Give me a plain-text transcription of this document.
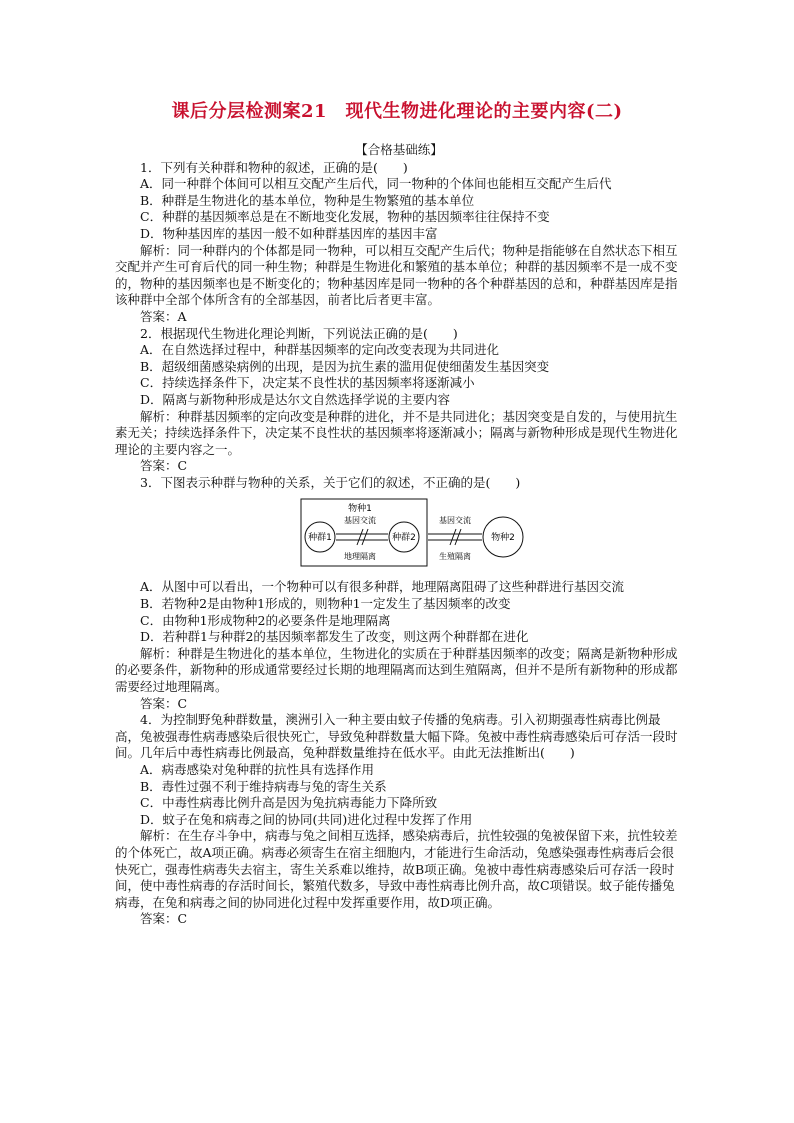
课后分层检测案21　现代生物进化理论的主要内容(二)
【合格基础练】

1．下列有关种群和物种的叙述，正确的是(　　)

A．同一种群个体间可以相互交配产生后代，同一物种的个体间也能相互交配产生后代

B．种群是生物进化的基本单位，物种是生物繁殖的基本单位

C．种群的基因频率总是在不断地变化发展，物种的基因频率往往保持不变

D．物种基因库的基因一般不如种群基因库的基因丰富

解析：同一种群内的个体都是同一物种，可以相互交配产生后代；物种是指能够在自然状态下相互交配并产生可育后代的同一种生物；种群是生物进化和繁殖的基本单位；种群的基因频率不是一成不变的，物种的基因频率也是不断变化的；物种基因库是同一物种的各个种群基因的总和，种群基因库是指该种群中全部个体所含有的全部基因，前者比后者更丰富。

答案：A

2．根据现代生物进化理论判断，下列说法正确的是(　　)

A．在自然选择过程中，种群基因频率的定向改变表现为共同进化

B．超级细菌感染病例的出现，是因为抗生素的滥用促使细菌发生基因突变

C．持续选择条件下，决定某不良性状的基因频率将逐渐减小

D．隔离与新物种形成是达尔文自然选择学说的主要内容

解析：种群基因频率的定向改变是种群的进化，并不是共同进化；基因突变是自发的，与使用抗生素无关；持续选择条件下，决定某不良性状的基因频率将逐渐减小；隔离与新物种形成是现代生物进化理论的主要内容之一。

答案：C

3．下图表示种群与物种的关系，关于它们的叙述，不正确的是(　　)

物种1
基因交流
种群1	种群2
地理隔离
基因交流
生殖隔离
物种2

A．从图中可以看出，一个物种可以有很多种群，地理隔离阻碍了这些种群进行基因交流

B．若物种2是由物种1形成的，则物种1一定发生了基因频率的改变

C．由物种1形成物种2的必要条件是地理隔离

D．若种群1与种群2的基因频率都发生了改变，则这两个种群都在进化

解析：种群是生物进化的基本单位，生物进化的实质在于种群基因频率的改变；隔离是新物种形成的必要条件，新物种的形成通常要经过长期的地理隔离而达到生殖隔离，但并不是所有新物种的形成都需要经过地理隔离。

答案：C

4．为控制野兔种群数量，澳洲引入一种主要由蚊子传播的兔病毒。引入初期强毒性病毒比例最高，兔被强毒性病毒感染后很快死亡，导致兔种群数量大幅下降。兔被中毒性病毒感染后可存活一段时间。几年后中毒性病毒比例最高，兔种群数量维持在低水平。由此无法推断出(　　)

A．病毒感染对兔种群的抗性具有选择作用

B．毒性过强不利于维持病毒与兔的寄生关系

C．中毒性病毒比例升高是因为兔抗病毒能力下降所致

D．蚊子在兔和病毒之间的协同(共同)进化过程中发挥了作用

解析：在生存斗争中，病毒与兔之间相互选择，感染病毒后，抗性较强的兔被保留下来，抗性较差的个体死亡，故A项正确。病毒必须寄生在宿主细胞内，才能进行生命活动，兔感染强毒性病毒后会很快死亡，强毒性病毒失去宿主，寄生关系难以维持，故B项正确。兔被中毒性病毒感染后可存活一段时间，使中毒性病毒的存活时间长，繁殖代数多，导致中毒性病毒比例升高，故C项错误。蚊子能传播兔病毒，在兔和病毒之间的协同进化过程中发挥重要作用，故D项正确。

答案：C
